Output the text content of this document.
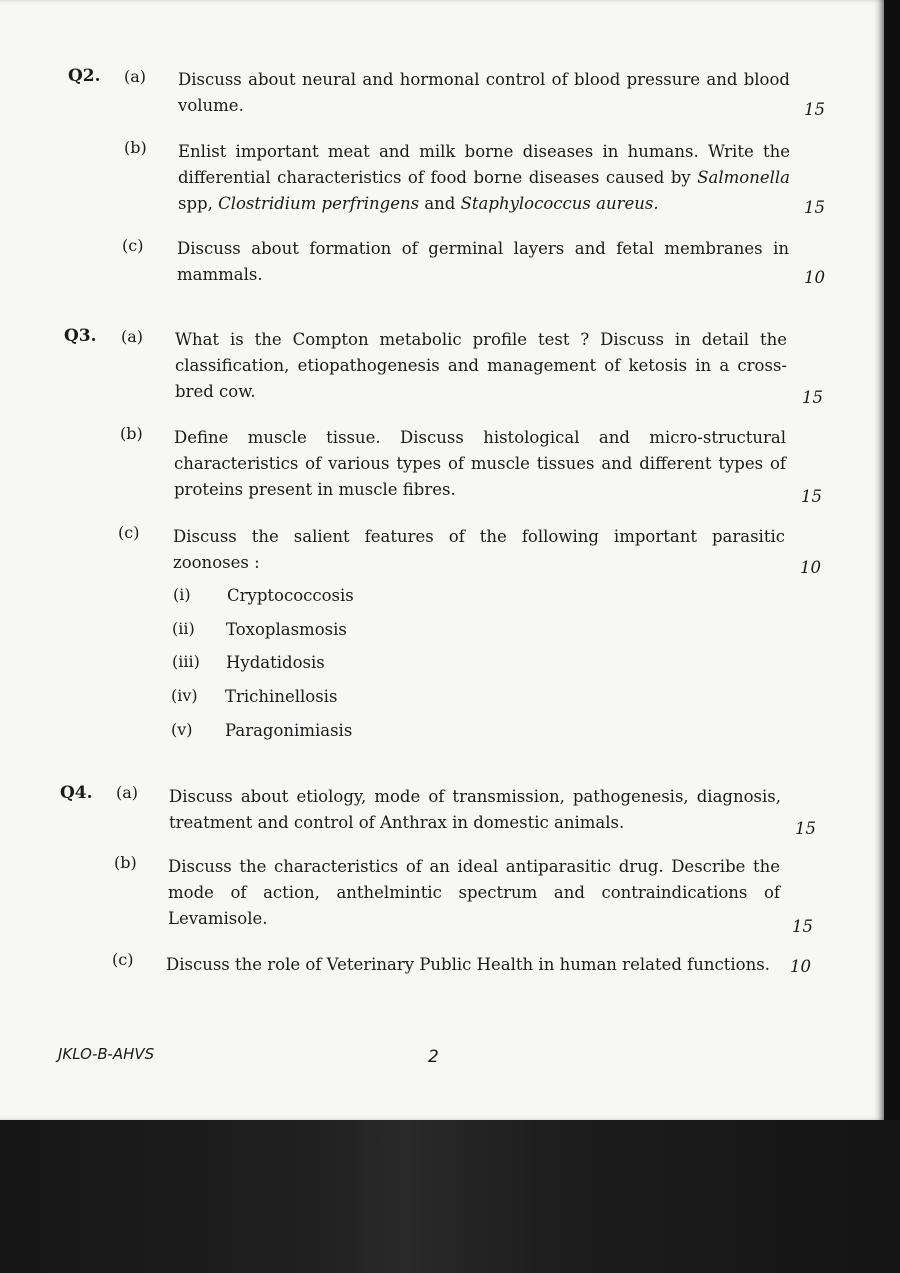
Q2. (a) Discuss about neural and hormonal control of blood pressure and blood volume.	15
(b) Enlist important meat and milk borne diseases in humans. Write the differential characteristics of food borne diseases caused by Salmonella spp, Clostridium perfringens and Staphylococcus aureus.	15
(c) Discuss about formation of germinal layers and fetal membranes in mammals.	10
Q3. (a) What is the Compton metabolic profile test ? Discuss in detail the classification, etiopathogenesis and management of ketosis in a cross-bred cow.	15
(b) Define muscle tissue. Discuss histological and micro-structural characteristics of various types of muscle tissues and different types of proteins present in muscle fibres.	15
(c) Discuss the salient features of the following important parasitic zoonoses :	10
(i) Cryptococcosis
(ii) Toxoplasmosis
(iii) Hydatidosis
(iv) Trichinellosis
(v) Paragonimiasis
Q4. (a) Discuss about etiology, mode of transmission, pathogenesis, diagnosis, treatment and control of Anthrax in domestic animals.	15
(b) Discuss the characteristics of an ideal antiparasitic drug. Describe the mode of action, anthelmintic spectrum and contraindications of Levamisole.	15
(c) Discuss the role of Veterinary Public Health in human related functions.	10
JKLO-B-AHVS	2
